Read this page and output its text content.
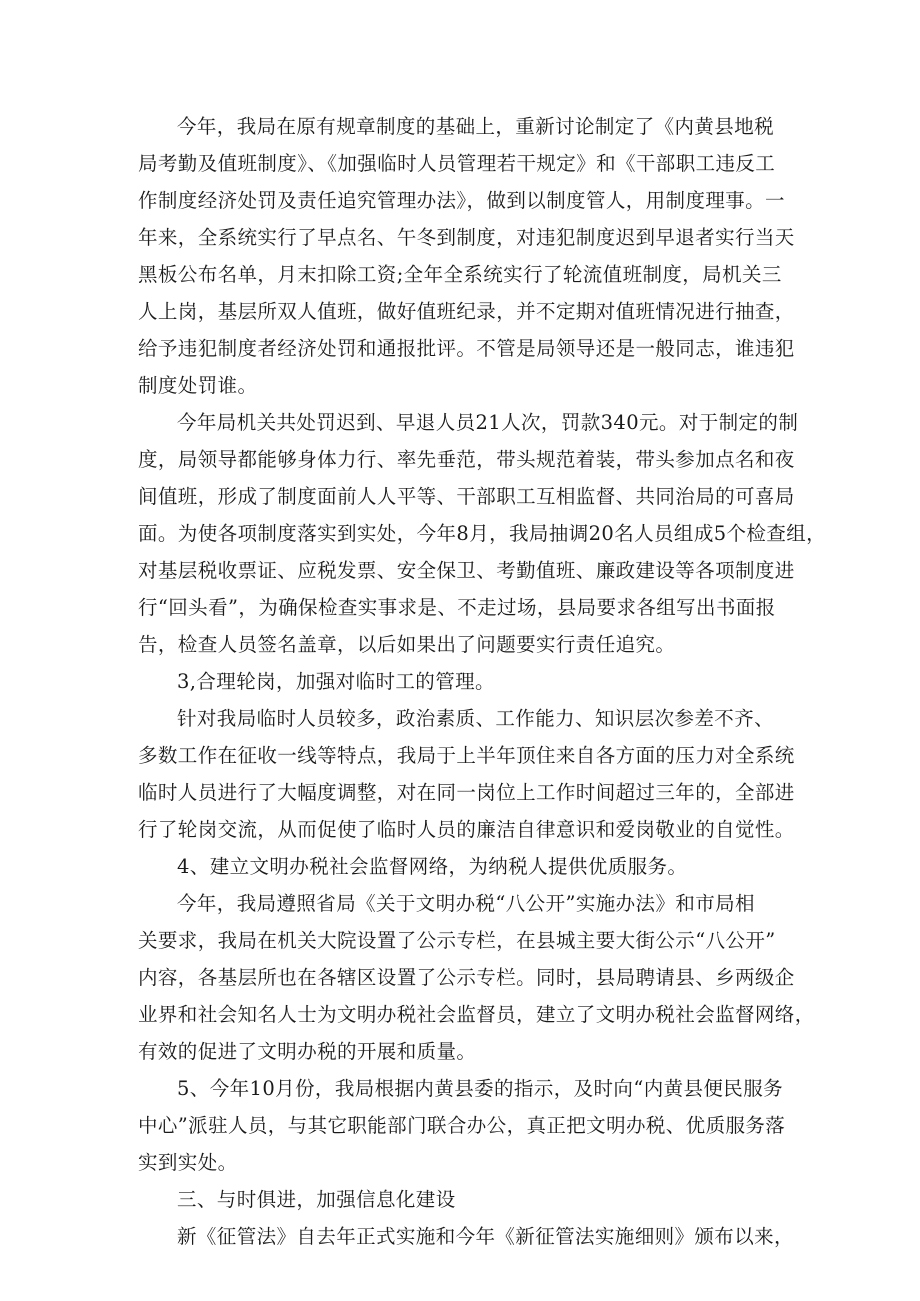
今年，我局在原有规章制度的基础上，重新讨论制定了《内黄县地税
局考勤及值班制度》、《加强临时人员管理若干规定》和《干部职工违反工
作制度经济处罚及责任追究管理办法》，做到以制度管人，用制度理事。一
年来，全系统实行了早点名、午冬到制度，对违犯制度迟到早退者实行当天
黑板公布名单，月末扣除工资;全年全系统实行了轮流值班制度，局机关三
人上岗，基层所双人值班，做好值班纪录，并不定期对值班情况进行抽查，
给予违犯制度者经济处罚和通报批评。不管是局领导还是一般同志，谁违犯
制度处罚谁。

今年局机关共处罚迟到、早退人员21人次，罚款340元。对于制定的制
度，局领导都能够身体力行、率先垂范，带头规范着装，带头参加点名和夜
间值班，形成了制度面前人人平等、干部职工互相监督、共同治局的可喜局
面。为使各项制度落实到实处，今年8月，我局抽调20名人员组成5个检查组，
对基层税收票证、应税发票、安全保卫、考勤值班、廉政建设等各项制度进
行“回头看”，为确保检查实事求是、不走过场，县局要求各组写出书面报
告，检查人员签名盖章，以后如果出了问题要实行责任追究。

3,合理轮岗，加强对临时工的管理。

针对我局临时人员较多，政治素质、工作能力、知识层次参差不齐、
多数工作在征收一线等特点，我局于上半年顶住来自各方面的压力对全系统
临时人员进行了大幅度调整，对在同一岗位上工作时间超过三年的，全部进
行了轮岗交流，从而促使了临时人员的廉洁自律意识和爱岗敬业的自觉性。

4、建立文明办税社会监督网络，为纳税人提供优质服务。

今年，我局遵照省局《关于文明办税“八公开”实施办法》和市局相
关要求，我局在机关大院设置了公示专栏，在县城主要大街公示“八公开”
内容，各基层所也在各辖区设置了公示专栏。同时，县局聘请县、乡两级企
业界和社会知名人士为文明办税社会监督员，建立了文明办税社会监督网络，
有效的促进了文明办税的开展和质量。

5、今年10月份，我局根据内黄县委的指示，及时向“内黄县便民服务
中心”派驻人员，与其它职能部门联合办公，真正把文明办税、优质服务落
实到实处。

三、与时俱进，加强信息化建设

新《征管法》自去年正式实施和今年《新征管法实施细则》颁布以来，
